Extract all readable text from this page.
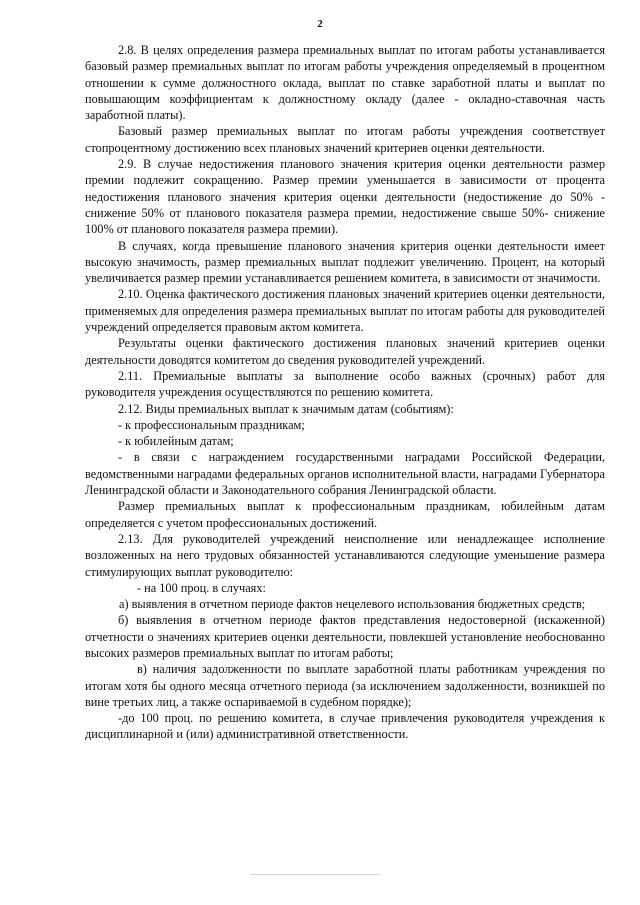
2

2.8. В целях определения размера премиальных выплат по итогам работы устанавливается базовый размер премиальных выплат по итогам работы учреждения определяемый в процентном отношении к сумме должностного оклада, выплат по ставке заработной платы и выплат по повышающим коэффициентам к должностному окладу (далее - окладно-ставочная часть заработной платы).

Базовый размер премиальных выплат по итогам работы учреждения соответствует стопроцентному достижению всех плановых значений критериев оценки деятельности.

2.9. В случае недостижения планового значения критерия оценки деятельности размер премии подлежит сокращению. Размер премии уменьшается в зависимости от процента недостижения планового значения критерия оценки деятельности (недостижение до 50% - снижение 50% от планового показателя размера премии, недостижение свыше 50%- снижение 100% от планового показателя размера премии).

В случаях, когда превышение планового значения критерия оценки деятельности имеет высокую значимость, размер премиальных выплат подлежит увеличению. Процент, на который увеличивается размер премии устанавливается решением комитета, в зависимости от значимости.

2.10. Оценка фактического достижения плановых значений критериев оценки деятельности, применяемых для определения размера премиальных выплат по итогам работы для руководителей учреждений определяется правовым актом комитета.

Результаты оценки фактического достижения плановых значений критериев оценки деятельности доводятся комитетом до сведения руководителей учреждений.

2.11. Премиальные выплаты за выполнение особо важных (срочных) работ для руководителя учреждения осуществляются по решению комитета.

2.12. Виды премиальных выплат к значимым датам (событиям):

- к профессиональным праздникам;

- к юбилейным датам;

- в связи с награждением государственными наградами Российской Федерации, ведомственными наградами федеральных органов исполнительной власти, наградами Губернатора Ленинградской области и Законодательного собрания Ленинградской области.

Размер премиальных выплат к профессиональным праздникам, юбилейным датам определяется с учетом профессиональных достижений.

2.13. Для руководителей учреждений неисполнение или ненадлежащее исполнение возложенных на него трудовых обязанностей устанавливаются следующие уменьшение размера стимулирующих выплат руководителю:

- на 100 проц. в случаях:

а) выявления в отчетном периоде фактов нецелевого использования бюджетных средств;

б) выявления в отчетном периоде фактов представления недостоверной (искаженной) отчетности о значениях критериев оценки деятельности, повлекшей установление необоснованно высоких размеров премиальных выплат по итогам работы;

в) наличия задолженности по выплате заработной платы работникам учреждения по итогам хотя бы одного месяца отчетного периода (за исключением задолженности, возникшей по вине третьих лиц, а также оспариваемой в судебном порядке);

-до 100 проц. по решению комитета, в случае привлечения руководителя учреждения к дисциплинарной и (или) административной ответственности.
